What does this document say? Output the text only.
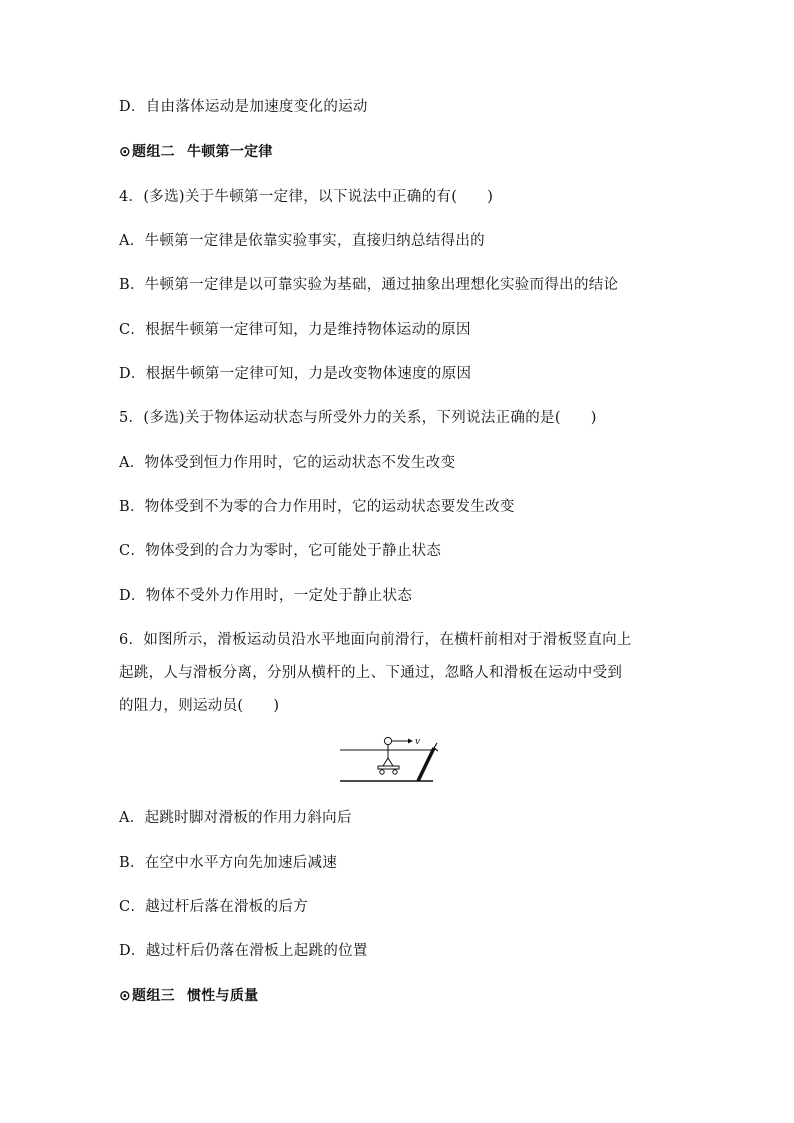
D．自由落体运动是加速度变化的运动
⊙题组二 牛顿第一定律
4．(多选)关于牛顿第一定律，以下说法中正确的有( )
A．牛顿第一定律是依靠实验事实，直接归纳总结得出的
B．牛顿第一定律是以可靠实验为基础，通过抽象出理想化实验而得出的结论
C．根据牛顿第一定律可知，力是维持物体运动的原因
D．根据牛顿第一定律可知，力是改变物体速度的原因
5．(多选)关于物体运动状态与所受外力的关系，下列说法正确的是( )
A．物体受到恒力作用时，它的运动状态不发生改变
B．物体受到不为零的合力作用时，它的运动状态要发生改变
C．物体受到的合力为零时，它可能处于静止状态
D．物体不受外力作用时，一定处于静止状态
6．如图所示，滑板运动员沿水平地面向前滑行，在横杆前相对于滑板竖直向上
起跳，人与滑板分离，分别从横杆的上、下通过，忽略人和滑板在运动中受到
的阻力，则运动员( )
v
A．起跳时脚对滑板的作用力斜向后
B．在空中水平方向先加速后减速
C．越过杆后落在滑板的后方
D．越过杆后仍落在滑板上起跳的位置
⊙题组三 惯性与质量
